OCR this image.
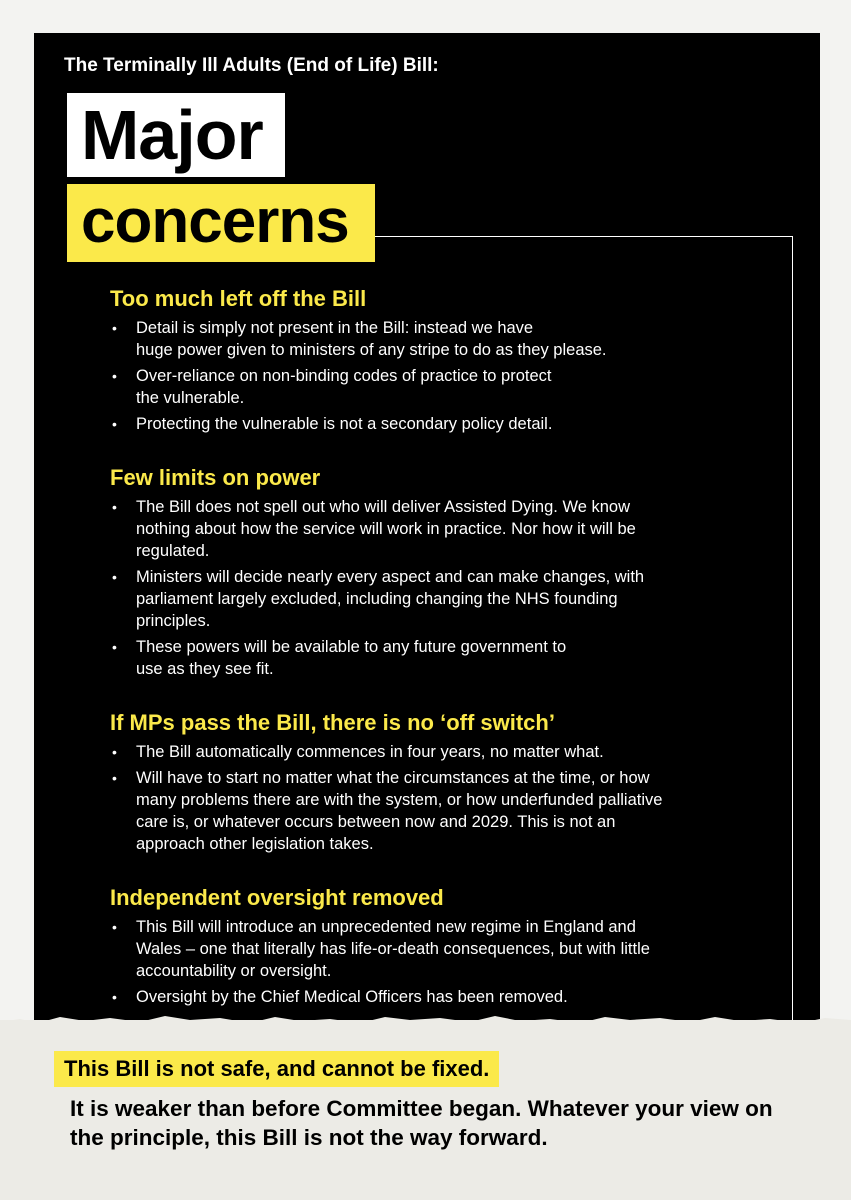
The Terminally Ill Adults (End of Life) Bill:
Major
concerns
Too much left off the Bill
• Detail is simply not present in the Bill: instead we have
huge power given to ministers of any stripe to do as they please.
• Over-reliance on non-binding codes of practice to protect
the vulnerable.
• Protecting the vulnerable is not a secondary policy detail.
Few limits on power
• The Bill does not spell out who will deliver Assisted Dying. We know
nothing about how the service will work in practice. Nor how it will be
regulated.
• Ministers will decide nearly every aspect and can make changes, with
parliament largely excluded, including changing the NHS founding
principles.
• These powers will be available to any future government to
use as they see fit.
If MPs pass the Bill, there is no ‘off switch’
• The Bill automatically commences in four years, no matter what.
• Will have to start no matter what the circumstances at the time, or how
many problems there are with the system, or how underfunded palliative
care is, or whatever occurs between now and 2029. This is not an
approach other legislation takes.
Independent oversight removed
• This Bill will introduce an unprecedented new regime in England and
Wales – one that literally has life-or-death consequences, but with little
accountability or oversight.
• Oversight by the Chief Medical Officers has been removed.
This Bill is not safe, and cannot be fixed.
It is weaker than before Committee began. Whatever your view on the principle, this Bill is not the way forward.
